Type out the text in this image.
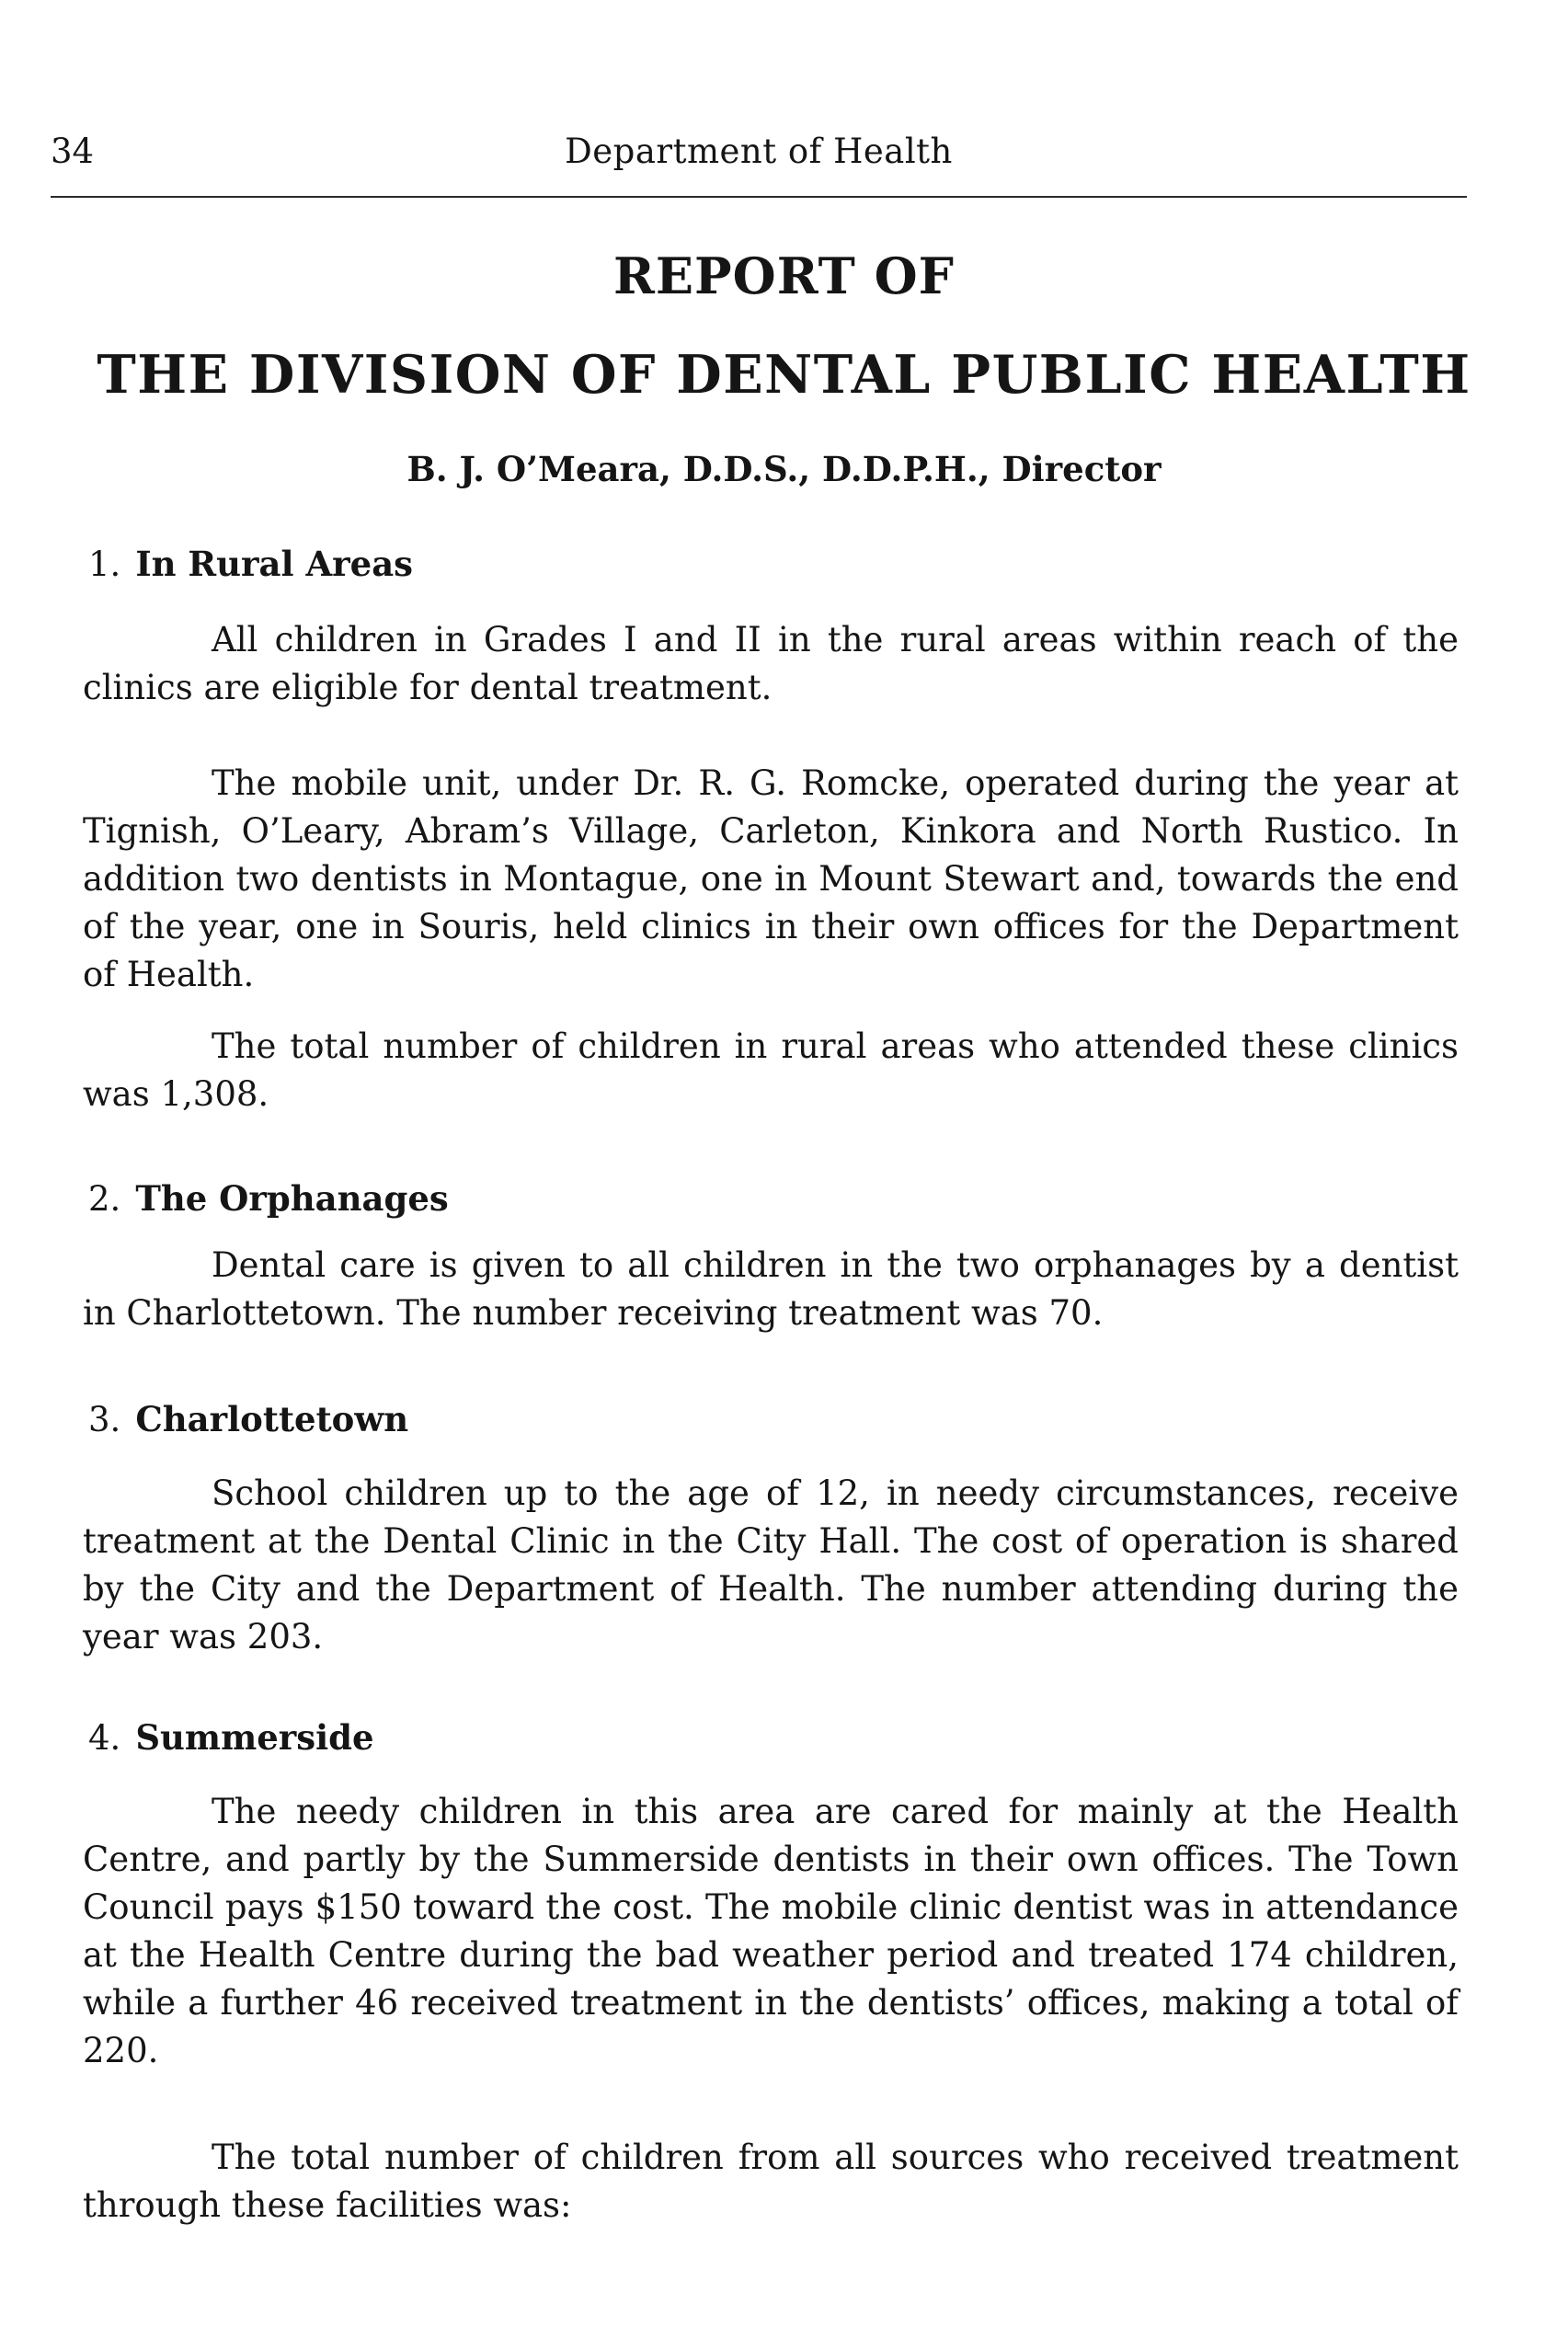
34	Department of Health
REPORT OF
THE DIVISION OF DENTAL PUBLIC HEALTH
B. J. O’Meara, D.D.S., D.D.P.H., Director
1. In Rural Areas

All children in Grades I and II in the rural areas within reach of the clinics are eligible for dental treatment.

The mobile unit, under Dr. R. G. Romcke, operated during the year at Tignish, O’Leary, Abram’s Village, Carleton, Kinkora and North Rustico. In addition two dentists in Montague, one in Mount Stewart and, towards the end of the year, one in Souris, held clinics in their own offices for the Department of Health.

The total number of children in rural areas who attended these clinics was 1,308.

2. The Orphanages

Dental care is given to all children in the two orphanages by a dentist in Charlottetown. The number receiving treatment was 70.

3. Charlottetown

School children up to the age of 12, in needy circumstances, receive treatment at the Dental Clinic in the City Hall. The cost of operation is shared by the City and the Department of Health. The number attending during the year was 203.

4. Summerside

The needy children in this area are cared for mainly at the Health Centre, and partly by the Summerside dentists in their own offices. The Town Council pays $150 toward the cost. The mobile clinic dentist was in attendance at the Health Centre during the bad weather period and treated 174 children, while a further 46 received treatment in the dentists’ offices, making a total of 220.

The total number of children from all sources who received treatment through these facilities was:
